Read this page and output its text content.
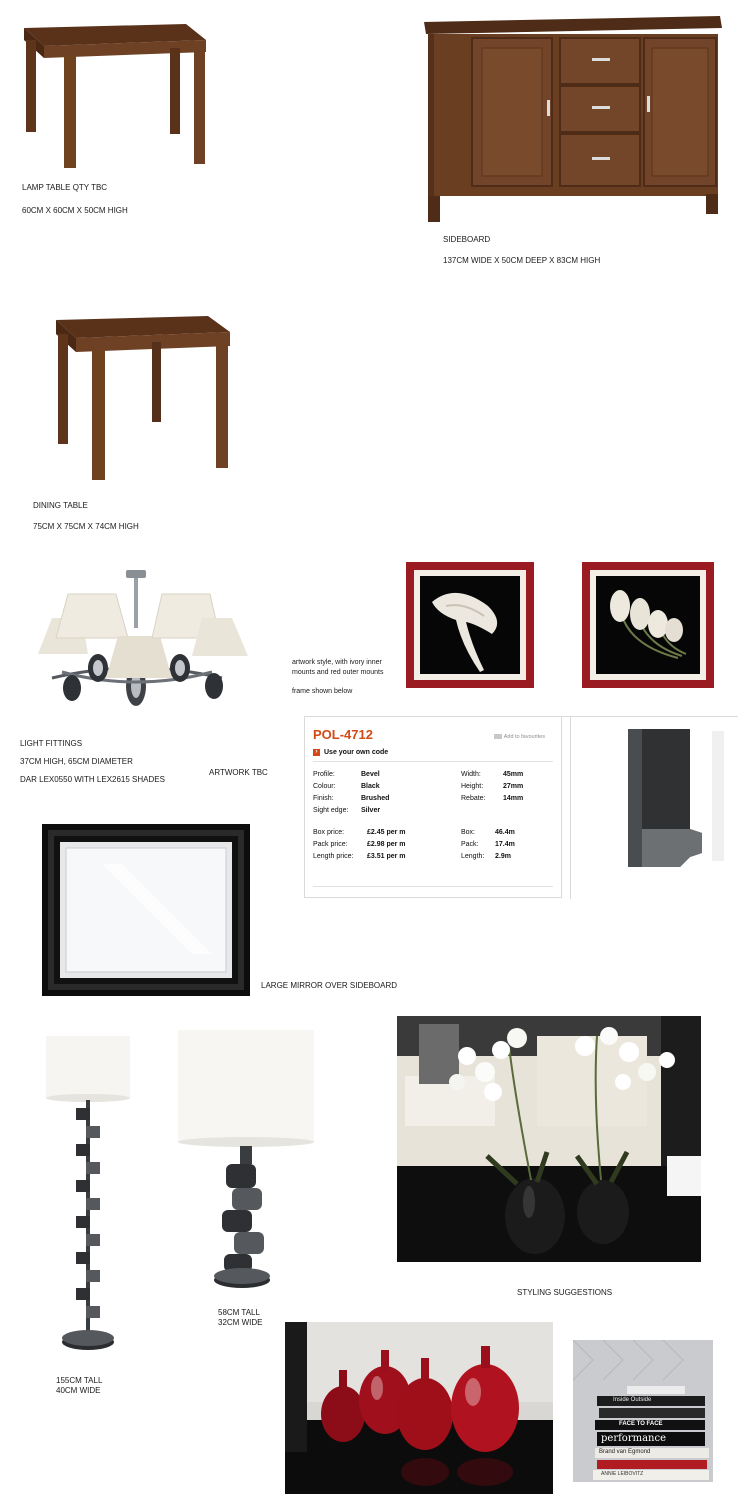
LAMP TABLE QTY TBC
60CM X 60CM X 50CM HIGH
SIDEBOARD
137CM WIDE X 50CM DEEP X 83CM HIGH
DINING TABLE
75CM X 75CM X 74CM HIGH
LIGHT FITTINGS
37CM HIGH, 65CM DIAMETER
DAR LEX0550 WITH LEX2615 SHADES
artwork style, with ivory inner
mounts and red outer mounts
frame shown below
ARTWORK TBC
POL-4712	Add to favourites
› Use your own code
Profile:
Colour:
Finish:
Sight edge:
Bevel
Black
Brushed
Silver
Width:
Height:
Rebate:
45mm
27mm
14mm
Box price:
Pack price:
Length price:
£2.45 per m
£2.98 per m
£3.51 per m
Box:
Pack:
Length:
46.4m
17.4m
2.9m
LARGE MIRROR OVER SIDEBOARD
155CM TALL
40CM WIDE
58CM TALL
32CM WIDE
STYLING SUGGESTIONS
Inside Outside
FACE TO FACE
performance
Brand van Egmond
ANNIE LEIBOVITZ
